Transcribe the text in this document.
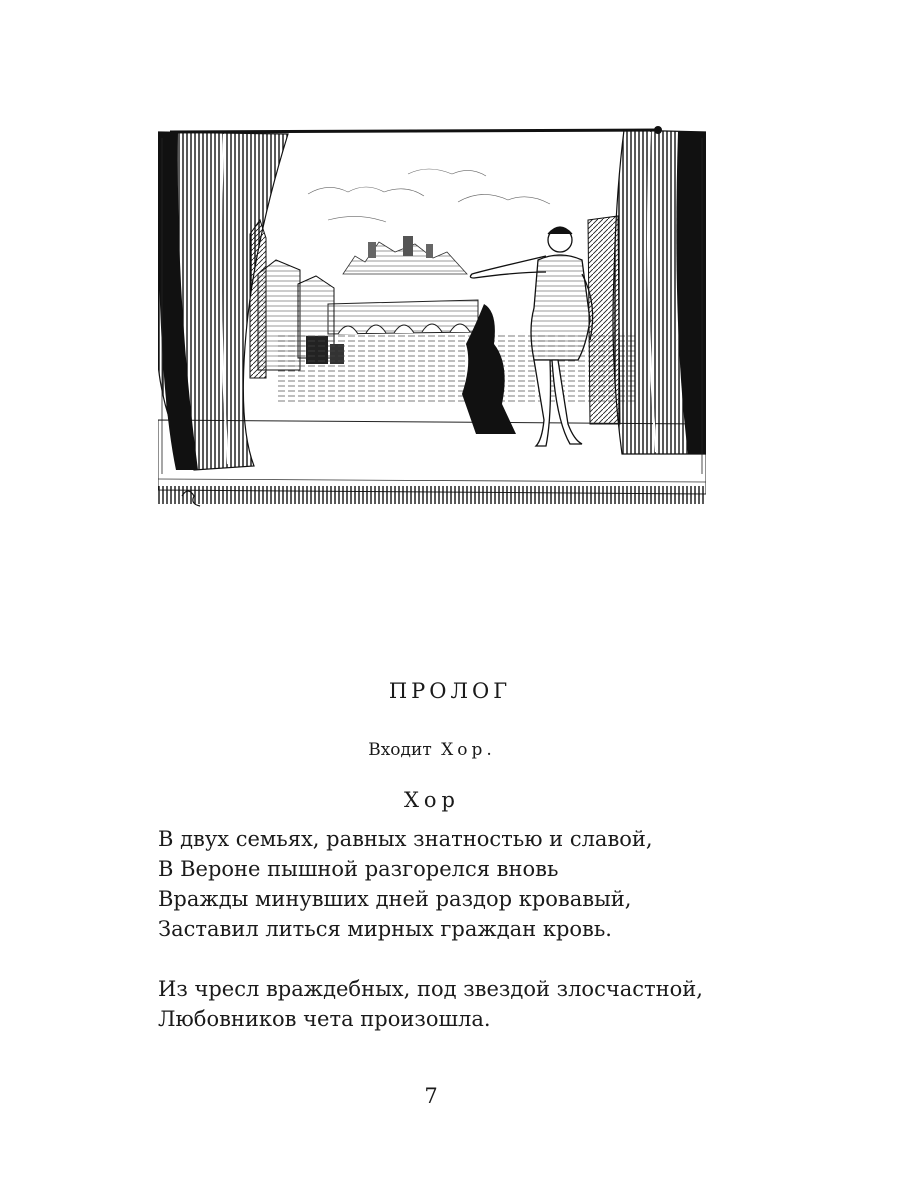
ПРОЛОГ
Входит Хор.
Хор
В двух семьях, равных знатностью и славой,
В Вероне пышной разгорелся вновь
Вражды минувших дней раздор кровавый,
Заставил литься мирных граждан кровь.
Из чресл враждебных, под звездой злосчастной,
Любовников чета произошла.
7
